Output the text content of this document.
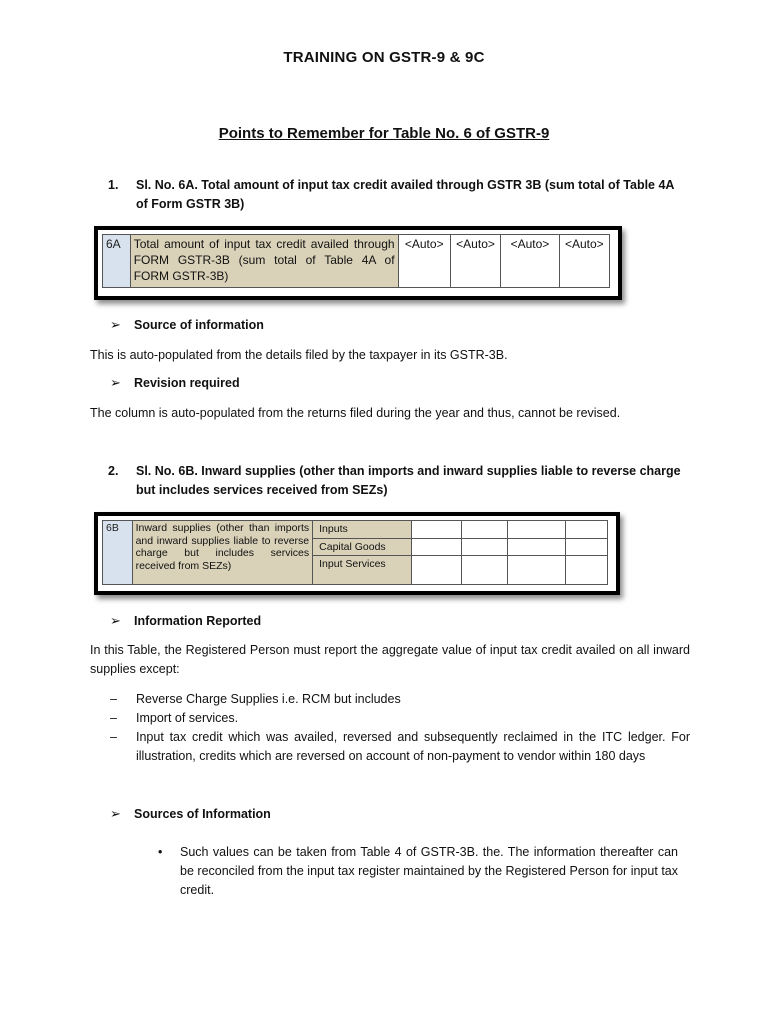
TRAINING ON GSTR-9 & 9C
Points to Remember for Table No. 6 of GSTR-9
1.	Sl. No. 6A. Total amount of input tax credit availed through GSTR 3B (sum total of Table 4A of Form GSTR 3B)
6A	Total amount of input tax credit availed through FORM GSTR-3B (sum total of Table 4A of FORM GSTR-3B)	<Auto>	<Auto>	<Auto>	<Auto>
➢ Source of information
This is auto-populated from the details filed by the taxpayer in its GSTR-3B.
➢ Revision required
The column is auto-populated from the returns filed during the year and thus, cannot be revised.
2.	Sl. No. 6B. Inward supplies (other than imports and inward supplies liable to reverse charge but includes services received from SEZs)
6B	Inward supplies (other than imports and inward supplies liable to reverse charge but includes services received from SEZs)	Inputs				
		Capital Goods				
		Input Services				
➢ Information Reported
In this Table, the Registered Person must report the aggregate value of input tax credit availed on all inward supplies except:
– Reverse Charge Supplies i.e. RCM but includes
– Import of services.
– Input tax credit which was availed, reversed and subsequently reclaimed in the ITC ledger. For illustration, credits which are reversed on account of non-payment to vendor within 180 days
➢ Sources of Information
•	Such values can be taken from Table 4 of GSTR-3B. the. The information thereafter can be reconciled from the input tax register maintained by the Registered Person for input tax credit.
